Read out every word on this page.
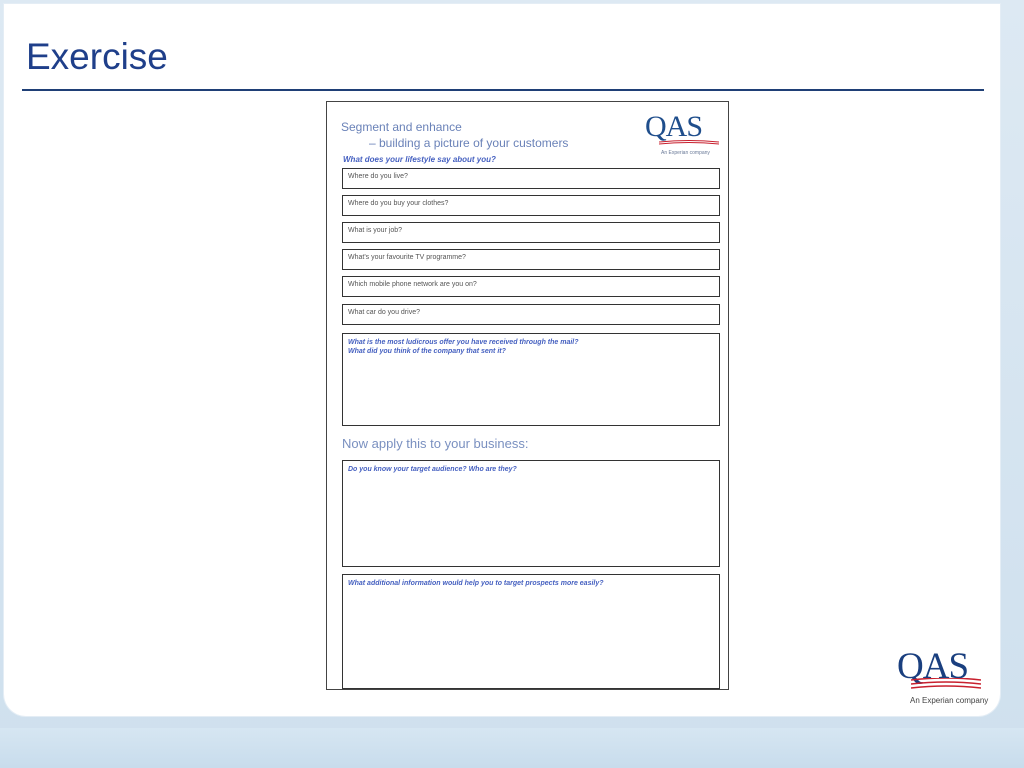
Exercise
Segment and enhance
– building a picture of your customers
What does your lifestyle say about you?
QAS
An Experian company
Where do you live?
Where do you buy your clothes?
What is your job?
What's your favourite TV programme?
Which mobile phone network are you on?
What car do you drive?
What is the most ludicrous offer you have received through the mail?
What did you think of the company that sent it?
Now apply this to your business:
Do you know your target audience? Who are they?
What additional information would help you to target prospects more easily?
QAS
An Experian company
